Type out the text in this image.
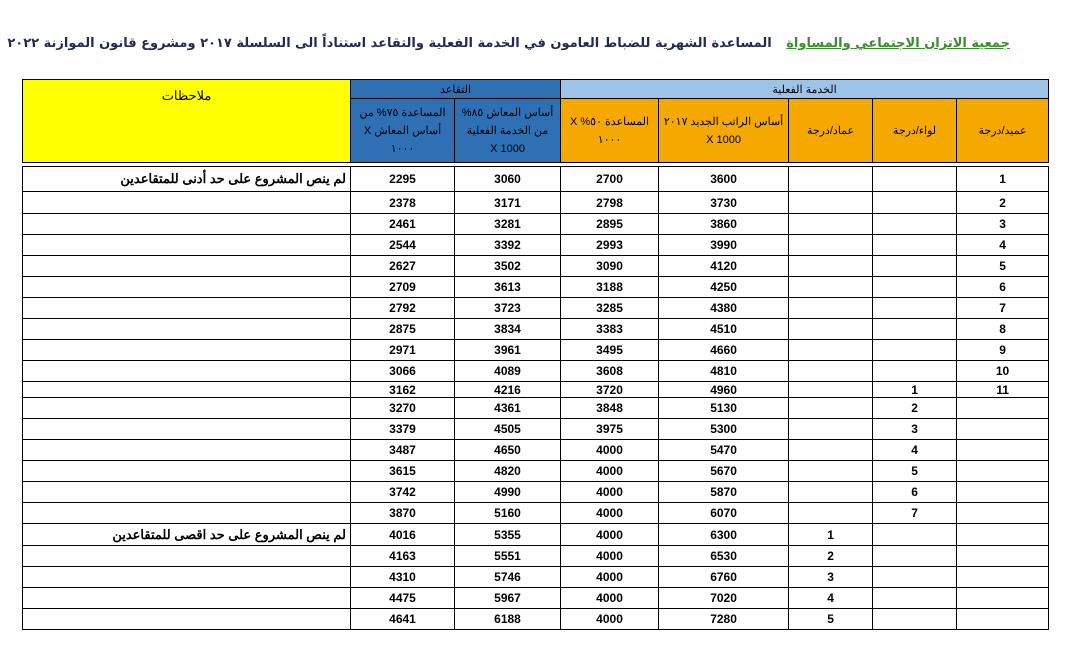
جمعية الاتزان الاجتماعي والمساواة المساعدة الشهرية للضباط العامون في الخدمة الفعلية والتقاعد استناداً الى السلسلة ٢٠١٧ ومشروع قانون الموازنة ٢٠٢٢
الخدمة الفعلية					التقاعد		ملاحظات
عميد/درجة	لواء/درجة	عماد/درجة	أساس الراتب الجديد ٢٠١٧ X 1000	المساعدة ٥٠% X ١٠٠٠	أساس المعاش ٨٥% من الخدمة الفعلية 1000 X	المساعدة ٧٥% من أساس المعاش X ١٠٠٠	

1			3600	2700	3060	2295	لم ينص المشروع على حد أدنى للمتقاعدين
2			3730	2798	3171	2378	
3			3860	2895	3281	2461	
4			3990	2993	3392	2544	
5			4120	3090	3502	2627	
6			4250	3188	3613	2709	
7			4380	3285	3723	2792	
8			4510	3383	3834	2875	
9			4660	3495	3961	2971	
10			4810	3608	4089	3066	
11	1		4960	3720	4216	3162	
	2		5130	3848	4361	3270	
	3		5300	3975	4505	3379	
	4		5470	4000	4650	3487	
	5		5670	4000	4820	3615	
	6		5870	4000	4990	3742	
	7		6070	4000	5160	3870	
		1	6300	4000	5355	4016	لم ينص المشروع على حد اقصى للمتقاعدين
		2	6530	4000	5551	4163	
		3	6760	4000	5746	4310	
		4	7020	4000	5967	4475	
		5	7280	4000	6188	4641	
